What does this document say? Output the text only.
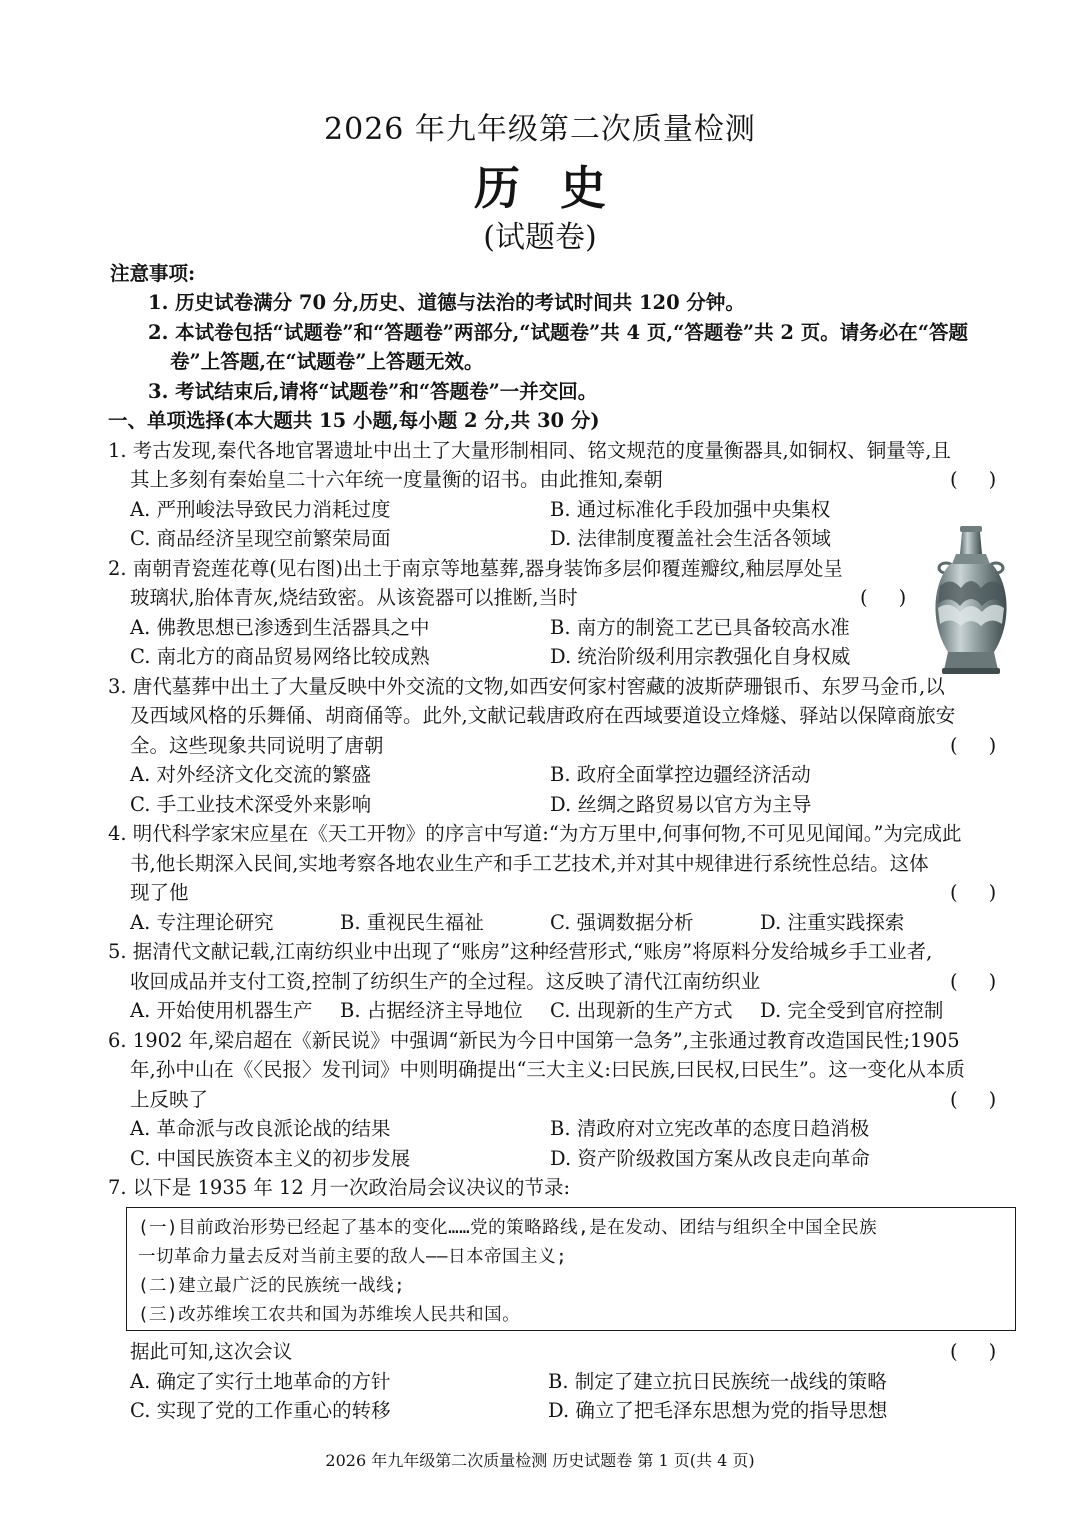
2026 年九年级第二次质量检测
历史
(试题卷)
注意事项:
1. 历史试卷满分 70 分,历史、道德与法治的考试时间共 120 分钟。
2. 本试卷包括“试题卷”和“答题卷”两部分,“试题卷”共 4 页,“答题卷”共 2 页。请务必在“答题
卷”上答题,在“试题卷”上答题无效。
3. 考试结束后,请将“试题卷”和“答题卷”一并交回。
一、单项选择(本大题共 15 小题,每小题 2 分,共 30 分)
1. 考古发现,秦代各地官署遗址中出土了大量形制相同、铭文规范的度量衡器具,如铜权、铜量等,且
其上多刻有秦始皇二十六年统一度量衡的诏书。由此推知,秦朝	(     )
A. 严刑峻法导致民力消耗过度	B. 通过标准化手段加强中央集权
C. 商品经济呈现空前繁荣局面	D. 法律制度覆盖社会生活各领域
2. 南朝青瓷莲花尊(见右图)出土于南京等地墓葬,器身装饰多层仰覆莲瓣纹,釉层厚处呈
玻璃状,胎体青灰,烧结致密。从该瓷器可以推断,当时	(     )
A. 佛教思想已渗透到生活器具之中	B. 南方的制瓷工艺已具备较高水准
C. 南北方的商品贸易网络比较成熟	D. 统治阶级利用宗教强化自身权威
3. 唐代墓葬中出土了大量反映中外交流的文物,如西安何家村窖藏的波斯萨珊银币、东罗马金币,以
及西域风格的乐舞俑、胡商俑等。此外,文献记载唐政府在西域要道设立烽燧、驿站以保障商旅安
全。这些现象共同说明了唐朝	(     )
A. 对外经济文化交流的繁盛	B. 政府全面掌控边疆经济活动
C. 手工业技术深受外来影响	D. 丝绸之路贸易以官方为主导
4. 明代科学家宋应星在《天工开物》的序言中写道:“为方万里中,何事何物,不可见见闻闻。”为完成此
书,他长期深入民间,实地考察各地农业生产和手工艺技术,并对其中规律进行系统性总结。这体
现了他	(     )
A. 专注理论研究	B. 重视民生福祉	C. 强调数据分析	D. 注重实践探索
5. 据清代文献记载,江南纺织业中出现了“账房”这种经营形式,“账房”将原料分发给城乡手工业者,
收回成品并支付工资,控制了纺织生产的全过程。这反映了清代江南纺织业	(     )
A. 开始使用机器生产 B. 占据经济主导地位 C. 出现新的生产方式 D. 完全受到官府控制
6. 1902 年,梁启超在《新民说》中强调“新民为今日中国第一急务”,主张通过教育改造国民性;1905
年,孙中山在《〈民报〉发刊词》中则明确提出“三大主义:曰民族,曰民权,曰民生”。这一变化从本质
上反映了	(     )
A. 革命派与改良派论战的结果	B. 清政府对立宪改革的态度日趋消极
C. 中国民族资本主义的初步发展	D. 资产阶级救国方案从改良走向革命
7. 以下是 1935 年 12 月一次政治局会议决议的节录:
(一)目前政治形势已经起了基本的变化……党的策略路线,是在发动、团结与组织全中国全民族
一切革命力量去反对当前主要的敌人——日本帝国主义;
(二)建立最广泛的民族统一战线;
(三)改苏维埃工农共和国为苏维埃人民共和国。
据此可知,这次会议	(     )
A. 确定了实行土地革命的方针	B. 制定了建立抗日民族统一战线的策略
C. 实现了党的工作重心的转移	D. 确立了把毛泽东思想为党的指导思想
2026 年九年级第二次质量检测 历史试题卷 第 1 页(共 4 页)
